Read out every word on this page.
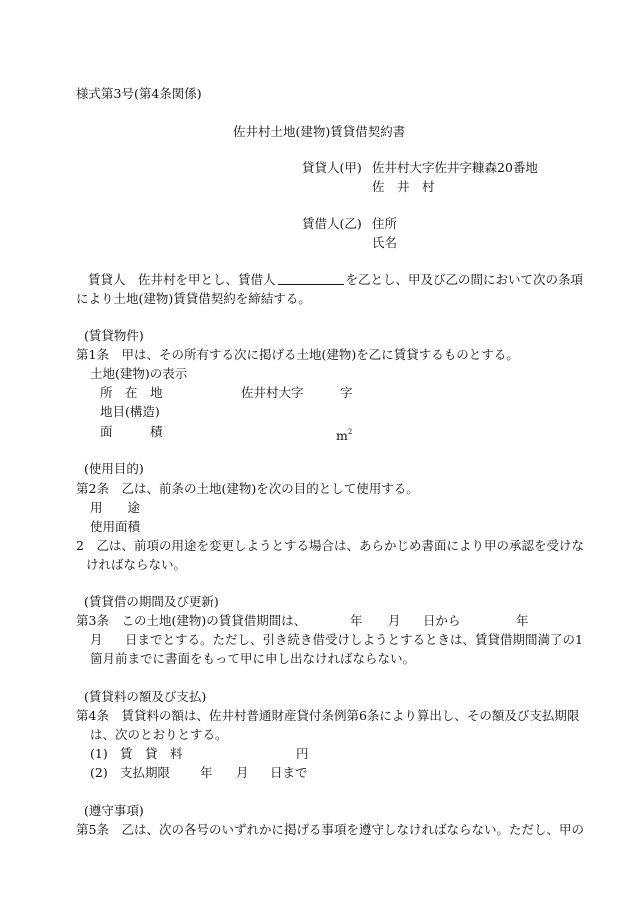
様式第3号(第4条関係)
佐井村土地(建物)賃貸借契約書
貸貸人(甲) 佐井村大字佐井字糠森20番地
佐　井　村
賃借人(乙) 住所
氏名
賃貸人　佐井村を甲とし、賃借人	を乙とし、甲及び乙の間において次の条項
により土地(建物)賃貸借契約を締結する。
(賃貸物件)
第1条　甲は、その所有する次に掲げる土地(建物)を乙に賃貸するものとする。
土地(建物)の表示
所　在　地	佐井村大字	字
地目(構造)
面　　　積	$m^2$
(使用目的)
第2条　乙は、前条の土地(建物)を次の目的として使用する。
用　　途
使用面積
2　乙は、前項の用途を変更しようとする場合は、あらかじめ書面により甲の承認を受けな
ければならない。
(賃貸借の期間及び更新)
第3条　この土地(建物)の賃貸借期間は、	年 月 日から	年
月 日までとする。ただし、引き続き借受けしようとするときは、賃貸借期間満了の1
箇月前までに書面をもって甲に申し出なければならない。
(賃貸料の額及び支払)
第4条　賃貸料の額は、佐井村普通財産貸付条例第6条により算出し、その額及び支払期限
は、次のとおりとする。
(1) 賃　貸　料	円
(2) 支払期限 年 月 日まで
(遵守事項)
第5条　乙は、次の各号のいずれかに掲げる事項を遵守しなければならない。ただし、甲の
